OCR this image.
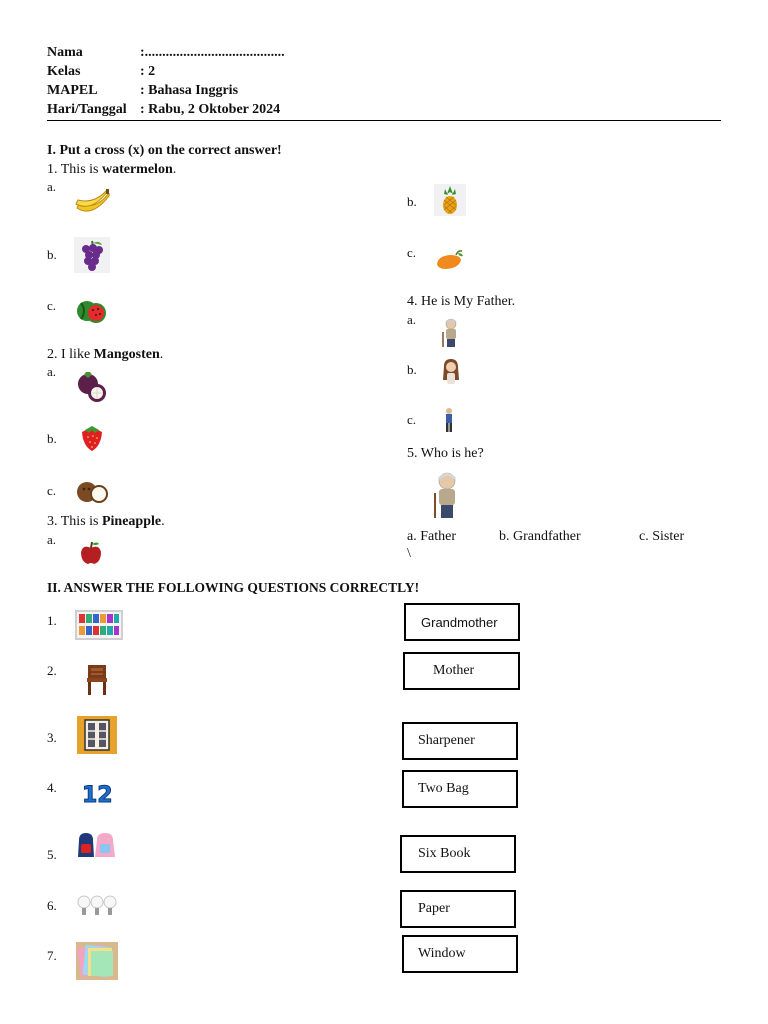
Nama	:........................................
Kelas	: 2
MAPEL	: Bahasa Inggris
Hari/Tanggal : Rabu, 2 Oktober 2024
I. Put a cross (x) on the correct answer!
1. This is watermelon.
a.
b.
c.
2. I like Mangosten.
a.
b.
c.
3. This is Pineapple.
a.
b.
c.
4. He is My Father.
a.
b.
c.
5. Who is he?
a. Father	b. Grandfather	c. Sister
\
II. ANSWER THE FOLLOWING QUESTIONS CORRECTLY!
1.
2.
3.
4.
5.
6.
7.
12
Grandmother
Mother
Sharpener
Two Bag
Six Book
Paper
Window
